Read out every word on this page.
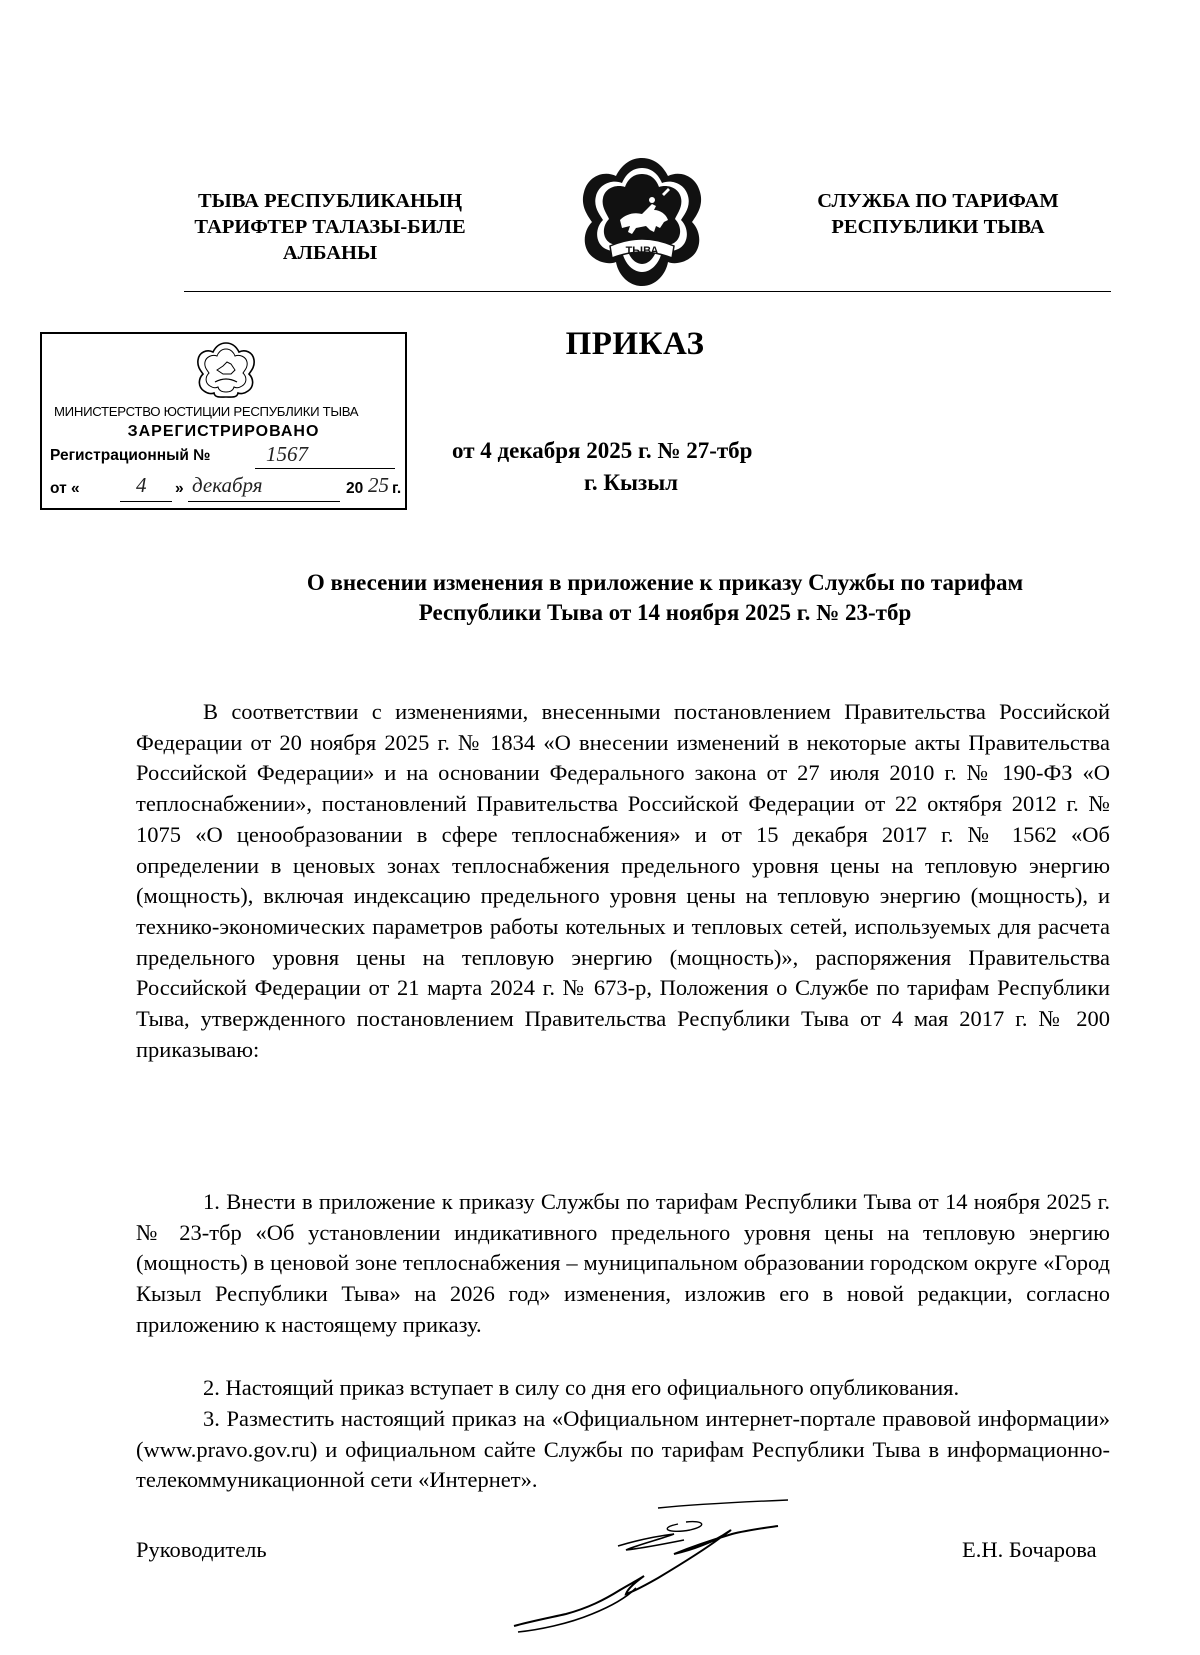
ТЫВА РЕСПУБЛИКАНЫҢ
ТАРИФТЕР ТАЛАЗЫ-БИЛЕ
АЛБАНЫ	ТЫВА
СЛУЖБА ПО ТАРИФАМ
РЕСПУБЛИКИ ТЫВА
МИНИСТЕРСТВО ЮСТИЦИИ РЕСПУБЛИКИ ТЫВА
ЗАРЕГИСТРИРОВАНО
Регистрационный №	1567
от «	»
4 декабря	20 25 г.
ПРИКАЗ
от 4 декабря 2025 г. № 27-тбр
г. Кызыл
О внесении изменения в приложение к приказу Службы по тарифам
Республики Тыва от 14 ноября 2025 г. № 23-тбр

В соответствии с изменениями, внесенными постановлением Правительства Российской Федерации от 20 ноября 2025 г. № 1834 «О внесении изменений в некоторые акты Правительства Российской Федерации» и на основании Федерального закона от 27 июля 2010 г. № 190-ФЗ «О теплоснабжении», постановлений Правительства Российской Федерации от 22 октября 2012 г. № 1075 «О ценообразовании в сфере теплоснабжения» и от 15 декабря 2017 г. № 1562 «Об определении в ценовых зонах теплоснабжения предельного уровня цены на тепловую энергию (мощность), включая индексацию предельного уровня цены на тепловую энергию (мощность), и технико-экономических параметров работы котельных и тепловых сетей, используемых для расчета предельного уровня цены на тепловую энергию (мощность)», распоряжения Правительства Российской Федерации от 21 марта 2024 г. № 673-р, Положения о Службе по тарифам Республики Тыва, утвержденного постановлением Правительства Республики Тыва от 4 мая 2017 г. № 200 приказываю:

1. Внести в приложение к приказу Службы по тарифам Республики Тыва от 14 ноября 2025 г. № 23-тбр «Об установлении индикативного предельного уровня цены на тепловую энергию (мощность) в ценовой зоне теплоснабжения – муниципальном образовании городском округе «Город Кызыл Республики Тыва» на 2026 год» изменения, изложив его в новой редакции, согласно приложению к настоящему приказу.

2. Настоящий приказ вступает в силу со дня его официального опубликования.

3. Разместить настоящий приказ на «Официальном интернет-портале правовой информации» (www.pravo.gov.ru) и официальном сайте Службы по тарифам Республики Тыва в информационно-телекоммуникационной сети «Интернет».

Руководитель	Е.Н. Бочарова
